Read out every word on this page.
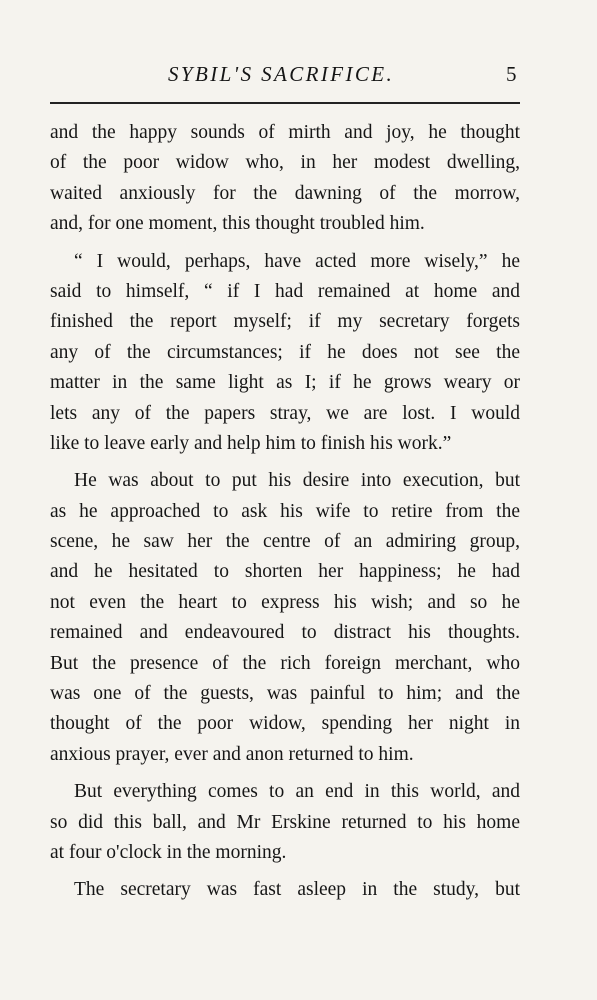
SYBIL'S SACRIFICE.	5
and the happy sounds of mirth and joy, he thought
of the poor widow who, in her modest dwelling,
waited anxiously for the dawning of the morrow,
and, for one moment, this thought troubled him.
“ I would, perhaps, have acted more wisely,” he
said to himself, “ if I had remained at home and
finished the report myself; if my secretary forgets
any of the circumstances; if he does not see the
matter in the same light as I; if he grows weary or
lets any of the papers stray, we are lost. I would
like to leave early and help him to finish his work.”
He was about to put his desire into execution, but
as he approached to ask his wife to retire from the
scene, he saw her the centre of an admiring group,
and he hesitated to shorten her happiness; he had
not even the heart to express his wish; and so he
remained and endeavoured to distract his thoughts.
But the presence of the rich foreign merchant, who
was one of the guests, was painful to him; and the
thought of the poor widow, spending her night in
anxious prayer, ever and anon returned to him.
But everything comes to an end in this world, and
so did this ball, and Mr Erskine returned to his home
at four o'clock in the morning.
The secretary was fast asleep in the study, but
